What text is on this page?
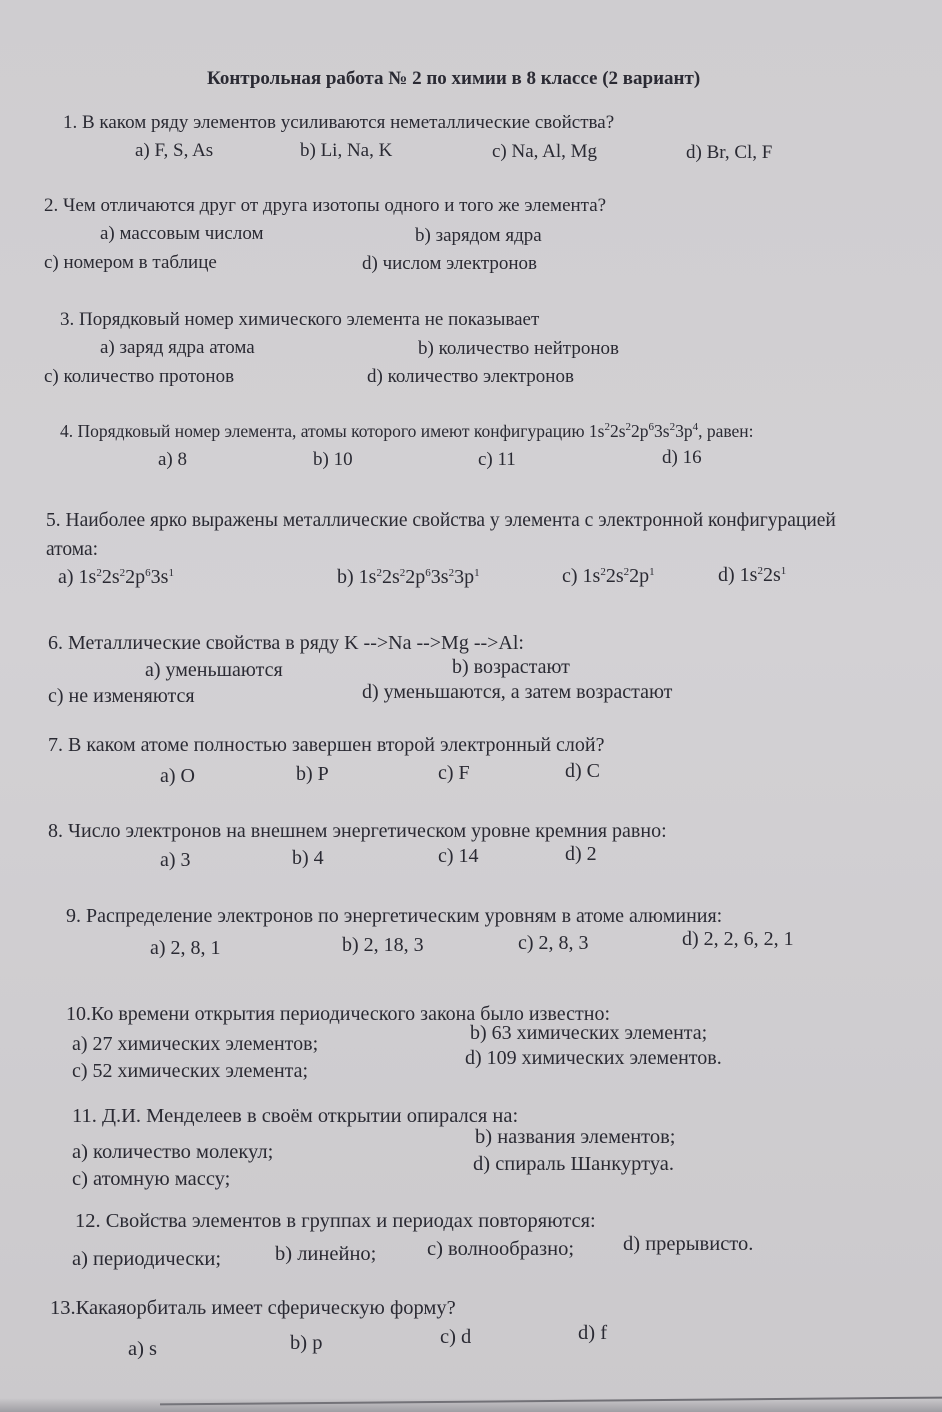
Контрольная работа № 2 по химии в 8 классе (2 вариант)
1. В каком ряду элементов усиливаются неметаллические свойства?
a) F, S, As	b) Li, Na, K	c) Na, Al, Mg	d) Br, Cl, F
2. Чем отличаются друг от друга изотопы одного и того же элемента?
a) массовым числом	b) зарядом ядра
c) номером в таблице	d) числом электронов
3. Порядковый номер химического элемента не показывает
a) заряд ядра атома	b) количество нейтронов
c) количество протонов	d) количество электронов
4. Порядковый номер элемента, атомы которого имеют конфигурацию $1s^22s^22p^63s^23p^4$, равен:
a) 8	b) 10	c) 11	d) 16
5. Наиболее ярко выражены металлические свойства у элемента с электронной конфигурацией
атома:
a) $1s^22s^22p^63s^1$	b) $1s^22s^22p^63s^23p^1$	c) $1s^22s^22p^1$	d) $1s^22s^1$
6. Металлические свойства в ряду K -->Na -->Mg -->Al:
a) уменьшаются	b) возрастают
c) не изменяются	d) уменьшаются, а затем возрастают
7. В каком атоме полностью завершен второй электронный слой?
a) O	b) P	c) F	d) C
8. Число электронов на внешнем энергетическом уровне кремния равно:
a) 3	b) 4	c) 14	d) 2
9. Распределение электронов по энергетическим уровням в атоме алюминия:
a) 2, 8, 1	b) 2, 18, 3	c) 2, 8, 3	d) 2, 2, 6, 2, 1
10.Ко времени открытия периодического закона было известно:
a) 27 химических элементов;	b) 63 химических элемента;
c) 52 химических элемента;
d) 109 химических элементов.
11. Д.И. Менделеев в своём открытии опирался на:
a) количество молекул;
b) названия элементов;
c) атомную массу;
d) спираль Шанкуртуа.
12. Свойства элементов в группах и периодах повторяются:
a) периодически;	b) линейно; c) волнообразно; d) прерывисто.
13.Какаяорбиталь имеет сферическую форму?
a) s	b) p	c) d	d) f
